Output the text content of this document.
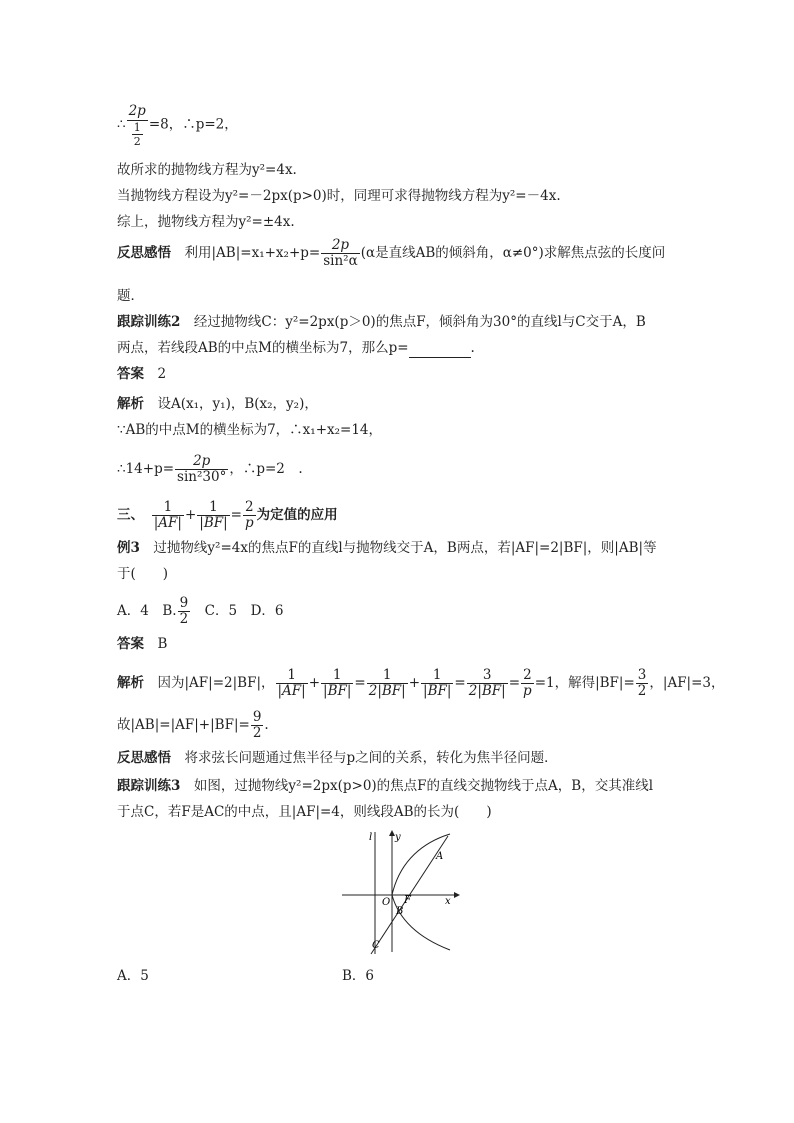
∴ $\frac{2p}{\frac{1}{2}} =8$，∴p=2，
故所求的抛物线方程为y²=4x.
当抛物线方程设为y²=－2px(p>0)时，同理可求得抛物线方程为y²=－4x.
综上，抛物线方程为y²=±4x.
反思感悟　 利用$|AB|=x_1+x_2+p= \frac{2p}{\text{sin²α}} (\alpha$是直线AB的倾斜角，α≠0°)求解焦点弦的长度问
题．
跟踪训练2　 经过抛物线C：y²=2px(p＞0)的焦点F，倾斜角为30°的直线l与C交于A，B
两点，若线段AB的中点M的横坐标为7，那么p=	.
答案　 2
解析　 设A(x₁，y₁)，B(x₂，y₂)，
∵AB的中点M的横坐标为7，∴x₁+x₂=14，
∴14+p= $\frac{2p}{\text{sin²30°}}$ ，∴p=2　.
三、　 $\frac{1}{|AF|} + \frac{1}{|BF|} = \frac{2}{p}$ 为定值的应用
例3　 过抛物线y²=4x的焦点F的直线l与抛物线交于A，B两点，若|AF|=2|BF|，则|AB|等
于(　　)
A．4　 B. $\frac{9}{2}$
　 C．5　 D．6
答案　 B
解析　 因为|AF|=2|BF|， $\frac{1}{|AF|} + \frac{1}{|BF|} = \frac{1}{2|BF|} + \frac{1}{|BF|} = \frac{3}{2|BF|} = \frac{2}{p} =1$，解得$|BF|= \frac{3}{2}$ ，|AF|=3，
故$|AB|=|AF|+|BF|= \frac{9}{2}$ .
反思感悟　 将求弦长问题通过焦半径与p之间的关系，转化为焦半径问题．
跟踪训练3　 如图，过抛物线y²=2px(p>0)的焦点F的直线交抛物线于点A，B，交其准线l
于点C，若F是AC的中点，且|AF|=4，则线段AB的长为(　　)
l y
x
O F
A
B
C
A．5	B．6
